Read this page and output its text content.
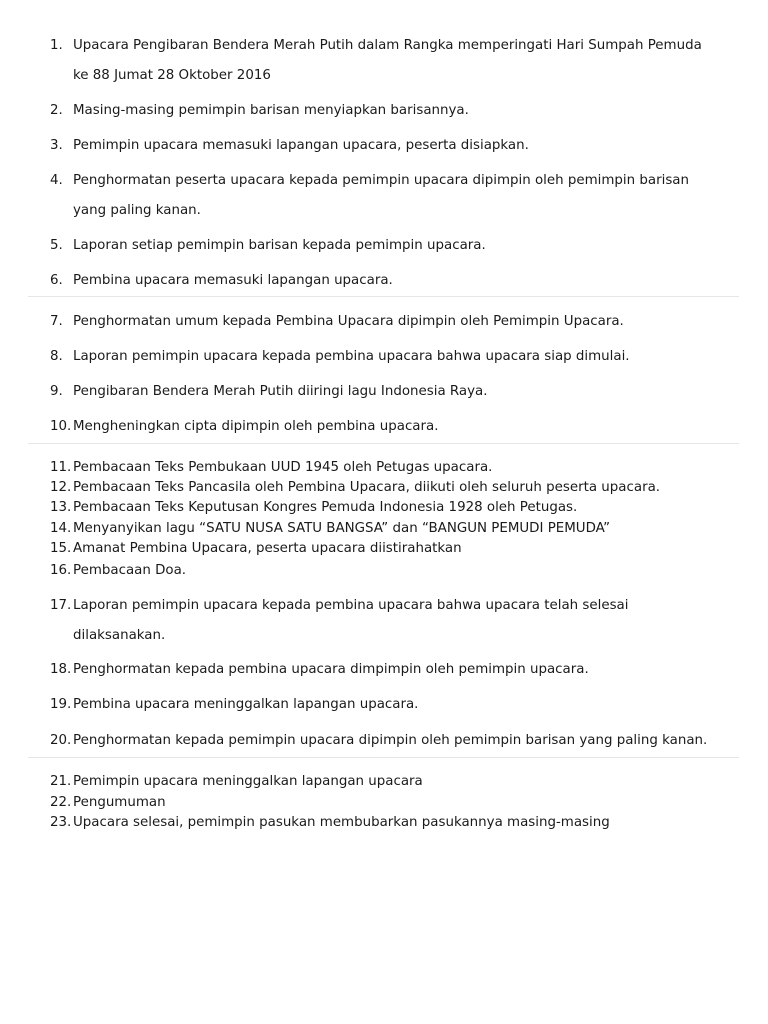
1. Upacara Pengibaran Bendera Merah Putih dalam Rangka memperingati Hari Sumpah Pemuda
ke 88 Jumat 28 Oktober 2016
2. Masing-masing pemimpin barisan menyiapkan barisannya.
3. Pemimpin upacara memasuki lapangan upacara, peserta disiapkan.
4. Penghormatan peserta upacara kepada pemimpin upacara dipimpin oleh pemimpin barisan
yang paling kanan.
5. Laporan setiap pemimpin barisan kepada pemimpin upacara.
6. Pembina upacara memasuki lapangan upacara.
7. Penghormatan umum kepada Pembina Upacara dipimpin oleh Pemimpin Upacara.
8. Laporan pemimpin upacara kepada pembina upacara bahwa upacara siap dimulai.
9. Pengibaran Bendera Merah Putih diiringi lagu Indonesia Raya.
10. Mengheningkan cipta dipimpin oleh pembina upacara.
11. Pembacaan Teks Pembukaan UUD 1945 oleh Petugas upacara.
12. Pembacaan Teks Pancasila oleh Pembina Upacara, diikuti oleh seluruh peserta upacara.
13. Pembacaan Teks Keputusan Kongres Pemuda Indonesia 1928 oleh Petugas.
14. Menyanyikan lagu “SATU NUSA SATU BANGSA” dan “BANGUN PEMUDI PEMUDA”
15. Amanat Pembina Upacara, peserta upacara diistirahatkan
16. Pembacaan Doa.
17. Laporan pemimpin upacara kepada pembina upacara bahwa upacara telah selesai
dilaksanakan.
18. Penghormatan kepada pembina upacara dimpimpin oleh pemimpin upacara.
19. Pembina upacara meninggalkan lapangan upacara.
20. Penghormatan kepada pemimpin upacara dipimpin oleh pemimpin barisan yang paling kanan.
21. Pemimpin upacara meninggalkan lapangan upacara
22. Pengumuman
23. Upacara selesai, pemimpin pasukan membubarkan pasukannya masing-masing
